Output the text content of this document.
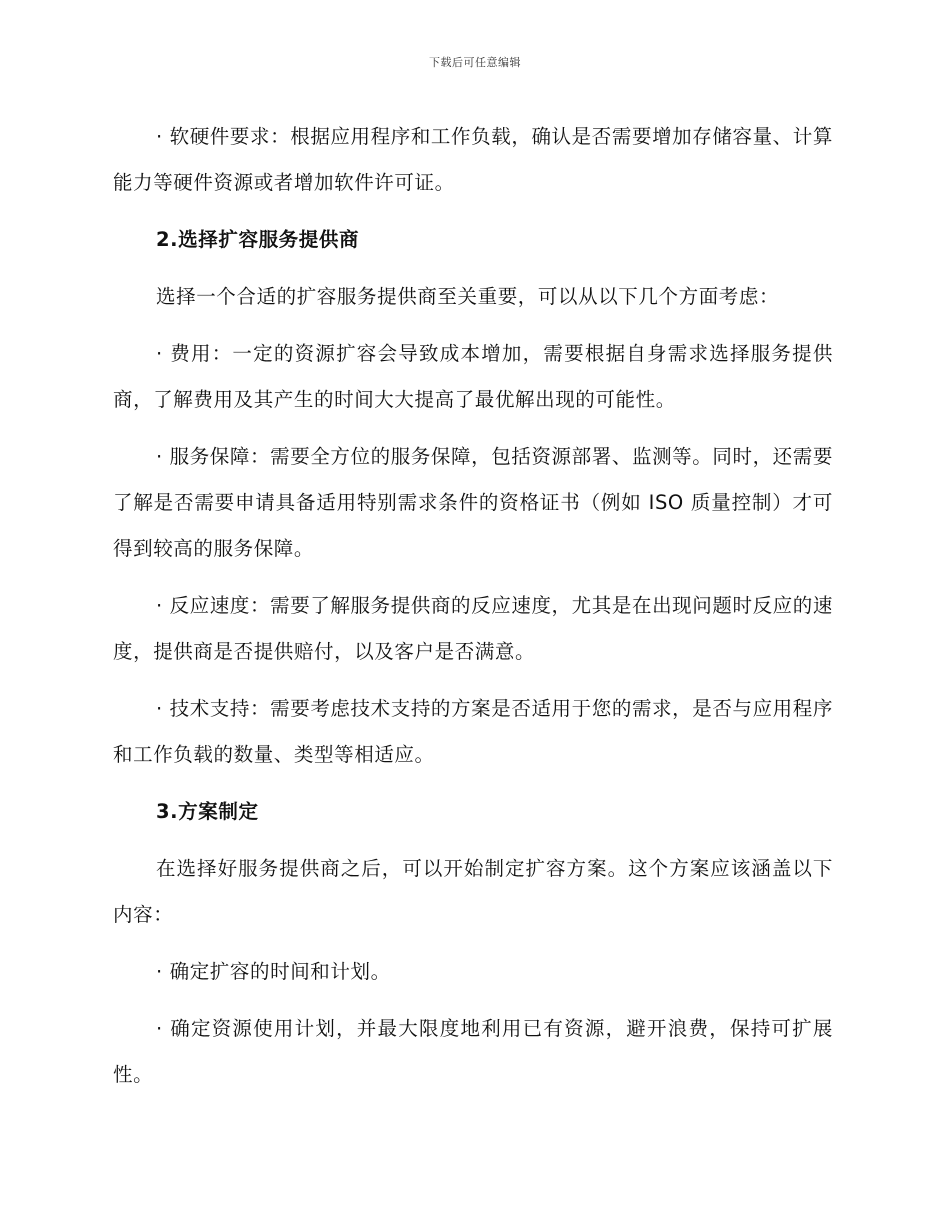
下载后可任意编辑

· 软硬件要求：根据应用程序和工作负载，确认是否需要增加存储容量、计算能力等硬件资源或者增加软件许可证。

2.选择扩容服务提供商

选择一个合适的扩容服务提供商至关重要，可以从以下几个方面考虑：

· 费用：一定的资源扩容会导致成本增加，需要根据自身需求选择服务提供商，了解费用及其产生的时间大大提高了最优解出现的可能性。

· 服务保障：需要全方位的服务保障，包括资源部署、监测等。同时，还需要了解是否需要申请具备适用特别需求条件的资格证书（例如 ISO 质量控制）才可得到较高的服务保障。

· 反应速度：需要了解服务提供商的反应速度，尤其是在出现问题时反应的速度，提供商是否提供赔付，以及客户是否满意。

· 技术支持：需要考虑技术支持的方案是否适用于您的需求，是否与应用程序和工作负载的数量、类型等相适应。

3.方案制定

在选择好服务提供商之后，可以开始制定扩容方案。这个方案应该涵盖以下内容：

· 确定扩容的时间和计划。

· 确定资源使用计划，并最大限度地利用已有资源，避开浪费，保持可扩展性。
